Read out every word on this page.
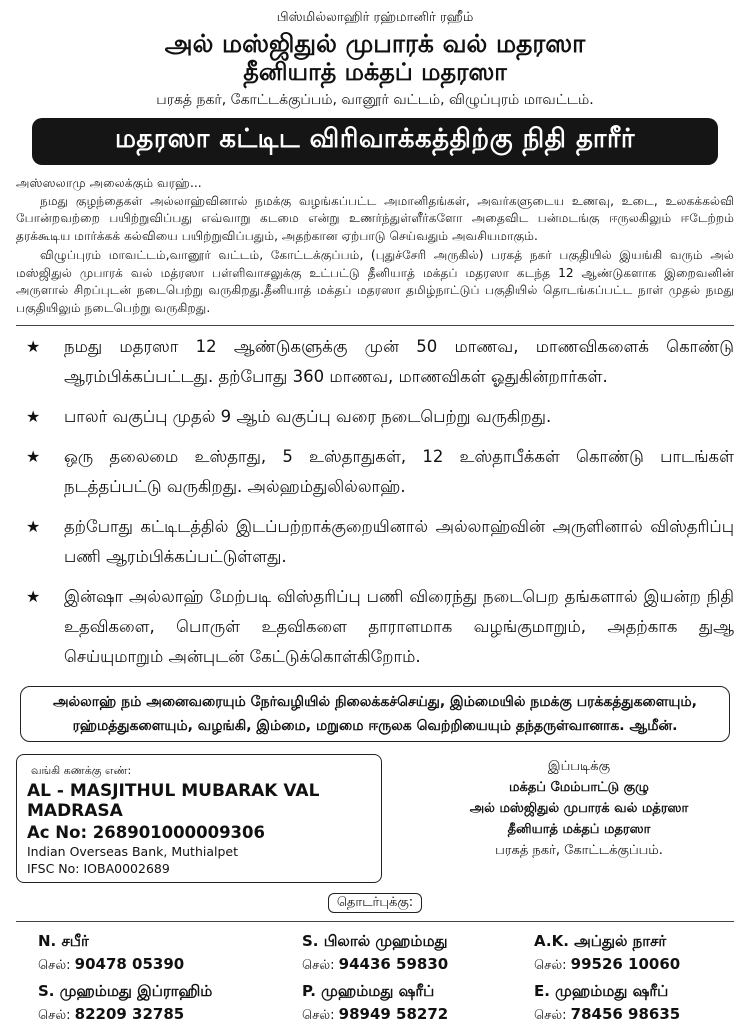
பிஸ்மில்லாஹிர் ரஹ்மானிர் ரஹீம்
அல் மஸ்ஜிதுல் முபாரக் வல் மதரஸா
தீனியாத் மக்தப் மதரஸா
பரகத் நகர், கோட்டக்குப்பம், வானூர் வட்டம், விழுப்புரம் மாவட்டம்.
மதரஸா கட்டிட விரிவாக்கத்திற்கு நிதி தாரீர்

அஸ்ஸலாமு அலைக்கும் வரஹ்...

நமது குழந்தைகள் அல்லாஹ்வினால் நமக்கு வழங்கப்பட்ட அமானிதங்கள், அவர்களுடைய உணவு, உடை, உலகக்கல்வி போன்றவற்றை பயிற்றுவிப்பது எவ்வாறு கடமை என்று உணர்ந்துள்ளீர்களோ அதைவிட பன்மடங்கு ஈருலகிலும் ஈடேற்றம் தரக்கூடிய மார்க்கக் கல்வியை பயிற்றுவிப்பதும், அதற்கான ஏற்பாடு செய்வதும் அவசியமாகும்.

விழுப்புரம் மாவட்டம்,வானூர் வட்டம், கோட்டக்குப்பம், (புதுச்சேரி அருகில்) பரகத் நகர் பகுதியில் இயங்கி வரும் அல் மஸ்ஜிதுல் முபாரக் வல் மத்ரஸா பள்ளிவாசலுக்கு உட்பட்டு தீனியாத் மக்தப் மதரஸா கடந்த 12 ஆண்டுகளாக இறைவனின் அருளால் சிறப்புடன் நடைபெற்று வருகிறது.தீனியாத் மக்தப் மதரஸா தமிழ்நாட்டுப் பகுதியில் தொடங்கப்பட்ட நாள் முதல் நமது பகுதியிலும் நடைபெற்று வருகிறது.

★ நமது மதரஸா 12 ஆண்டுகளுக்கு முன் 50 மாணவ, மாணவிகளைக் கொண்டு ஆரம்பிக்கப்பட்டது. தற்போது 360 மாணவ, மாணவிகள் ஓதுகின்றார்கள்.
★ பாலர் வகுப்பு முதல் 9 ஆம் வகுப்பு வரை நடைபெற்று வருகிறது.
★ ஒரு தலைமை உஸ்தாது, 5 உஸ்தாதுகள், 12 உஸ்தாபீக்கள் கொண்டு பாடங்கள் நடத்தப்பட்டு வருகிறது. அல்ஹம்துலில்லாஹ்.
★ தற்போது கட்டிடத்தில் இடப்பற்றாக்குறையினால் அல்லாஹ்வின் அருளினால் விஸ்தரிப்பு பணி ஆரம்பிக்கப்பட்டுள்ளது.
★ இன்ஷா அல்லாஹ் மேற்படி விஸ்தரிப்பு பணி விரைந்து நடைபெற தங்களால் இயன்ற நிதி உதவிகளை, பொருள் உதவிகளை தாராளமாக வழங்குமாறும், அதற்காக துஆ செய்யுமாறும் அன்புடன் கேட்டுக்கொள்கிறோம்.
அல்லாஹ் நம் அனைவரையும் நேர்வழியில் நிலைக்கச்செய்து, இம்மையில் நமக்கு பரக்கத்துகளையும், ரஹ்மத்துகளையும், வழங்கி, இம்மை, மறுமை ஈருலக வெற்றியையும் தந்தருள்வானாக. ஆமீன்.
வங்கி கணக்கு எண்:
AL - MASJITHUL MUBARAK VAL MADRASA
Ac No: 268901000009306
Indian Overseas Bank, Muthialpet
IFSC No: IOBA0002689
இப்படிக்கு
மக்தப் மேம்பாட்டு குழு
அல் மஸ்ஜிதுல் முபாரக் வல் மத்ரஸா
தீனியாத் மக்தப் மதரஸா
பரகத் நகர், கோட்டக்குப்பம்.
தொடர்புக்கு:
N. சபீர்
செல்: 90478 05390
S. பிலால் முஹம்மது
செல்: 94436 59830
A.K. அப்துல் நாசர்
செல்: 99526 10060
S. முஹம்மது இப்ராஹிம்
செல்: 82209 32785
P. முஹம்மது ஷரீப்
செல்: 98949 58272
E. முஹம்மது ஷரீப்
செல்: 78456 98635
